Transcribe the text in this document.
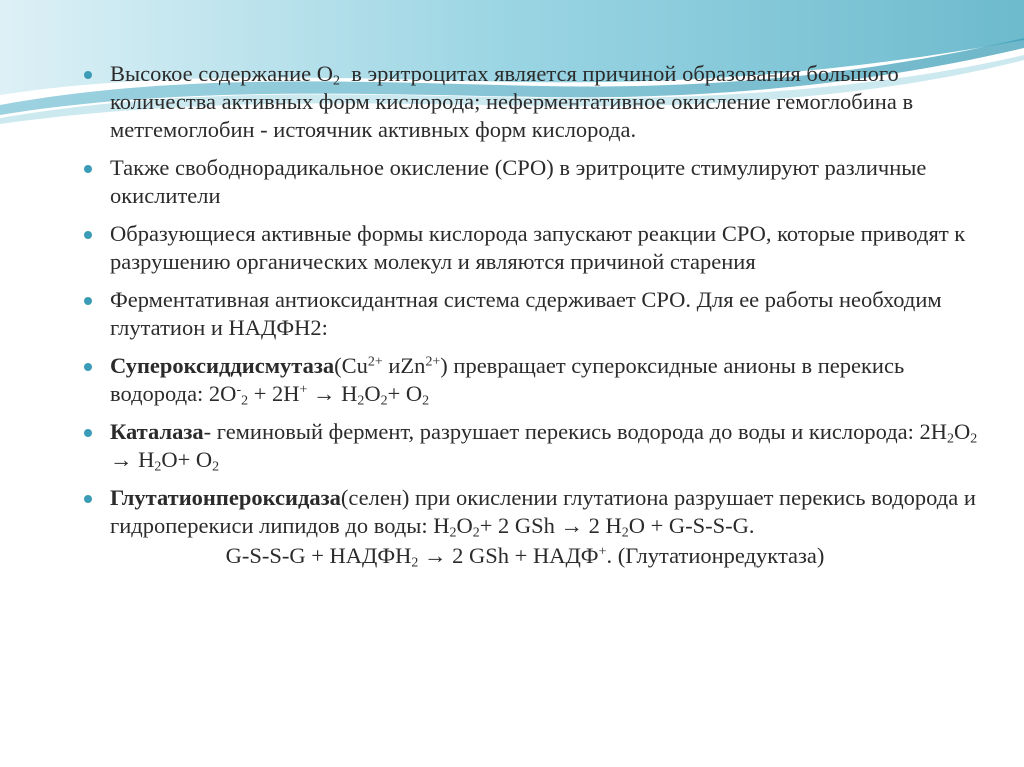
Высокое содержание $O_2$  в эритроцитах является причиной образования большого количества активных форм кислорода; неферментативное окисление гемоглобина в метгемоглобин - истоячник активных форм кислорода.
Также свободнорадикальное окисление (СРО) в эритроците стимулируют различные окислители
Образующиеся активные формы кислорода запускают реакции СРО, которые приводят к разрушению органических молекул и являются причиной старения
Ферментативная антиоксидантная система сдерживает СРО. Для ее работы необходим глутатион и НАДФН2:
$Супероксиддисмутаза(Cu^{2+}$ иZn$^{2+}$) превращает супероксидные анионы в перекись водорода: $2O^-_2 + 2H^+ \to H_2O_2+ O_2$
Каталаза- геминовый фермент, разрушает перекись водорода до воды и кислорода: $2H_2O_2 \to H_2O+ O_2$
Глутатионпероксидаза(селен) при окислении глутатиона разрушает перекись водорода и гидроперекиси липидов до воды: $H_2O_2+ 2$ GSh → 2 $H_2O + G-S-S-G$.
$G-S-S-G + НАДФН_2 \to 2$ GSh + НАДФ+. (Глутатионредуктаза)
